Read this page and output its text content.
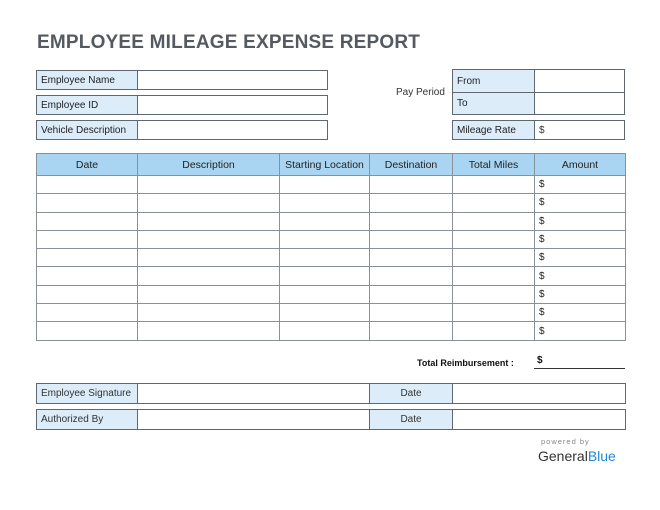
EMPLOYEE MILEAGE EXPENSE REPORT
Employee Name
Employee ID
Vehicle Description
Pay Period
From
To
Mileage Rate	$
Date	Description	Starting Location	Destination	Total Miles	Amount
					$
					$
					$
					$
					$
					$
					$
					$
					$
Total Reimbursement : $
Employee Signature		Date	
Authorized By		Date	
powered by
GeneralBlue
